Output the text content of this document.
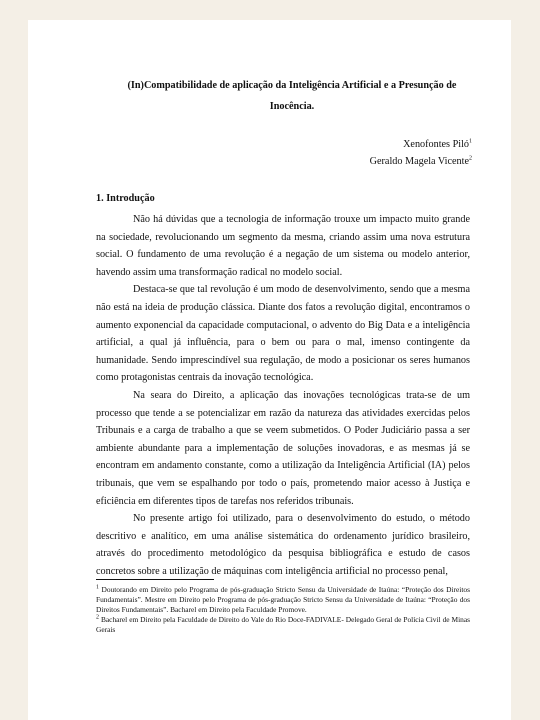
(In)Compatibilidade de aplicação da Inteligência Artificial e a Presunção de
Inocência.
Xenofontes Piló$^1$
Geraldo Magela Vicente$^2$
1. Introdução

Não há dúvidas que a tecnologia de informação trouxe um impacto muito grande na sociedade, revolucionando um segmento da mesma, criando assim uma nova estrutura social. O fundamento de uma revolução é a negação de um sistema ou modelo anterior, havendo assim uma transformação radical no modelo social.

Destaca-se que tal revolução é um modo de desenvolvimento, sendo que a mesma não está na ideia de produção clássica. Diante dos fatos a revolução digital, encontramos o aumento exponencial da capacidade computacional, o advento do Big Data e a inteligência artificial, a qual já influência, para o bem ou para o mal, imenso contingente da humanidade. Sendo imprescindível sua regulação, de modo a posicionar os seres humanos como protagonistas centrais da inovação tecnológica.

Na seara do Direito, a aplicação das inovações tecnológicas trata-se de um processo que tende a se potencializar em razão da natureza das atividades exercidas pelos Tribunais e a carga de trabalho a que se veem submetidos. O Poder Judiciário passa a ser ambiente abundante para a implementação de soluções inovadoras, e as mesmas já se encontram em andamento constante, como a utilização da Inteligência Artificial (IA) pelos tribunais, que vem se espalhando por todo o país, prometendo maior acesso à Justiça e eficiência em diferentes tipos de tarefas nos referidos tribunais.

No presente artigo foi utilizado, para o desenvolvimento do estudo, o método descritivo e analítico, em uma análise sistemática do ordenamento jurídico brasileiro, através do procedimento metodológico da pesquisa bibliográfica e estudo de casos concretos sobre a utilização de máquinas com inteligência artificial no processo penal,

$^1$ Doutorando em Direito pelo Programa de pós-graduação Stricto Sensu da Universidade de Itaúna: “Proteção dos Direitos Fundamentais”. Mestre em Direito pelo Programa de pós-graduação Stricto Sensu da Universidade de Itaúna: “Proteção dos Direitos Fundamentais”. Bacharel em Direito pela Faculdade Promove.

$^2$ Bacharel em Direito pela Faculdade de Direito do Vale do Rio Doce-FADIVALE- Delegado Geral de Polícia Civil de Minas Gerais
